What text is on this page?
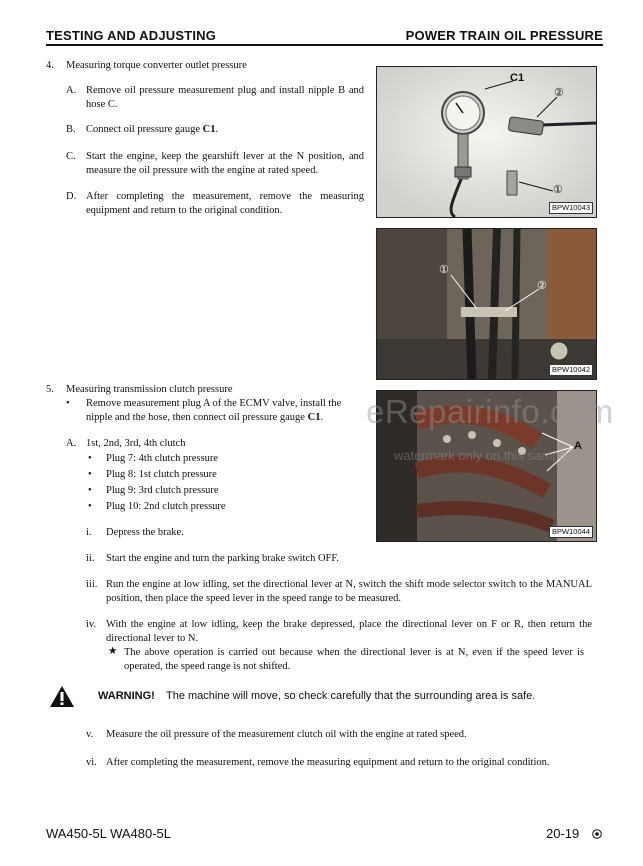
TESTING AND ADJUSTING	POWER TRAIN OIL PRESSURE
4. Measuring torque converter outlet pressure
A. Remove oil pressure measurement plug and install nipple B and hose C.
B. Connect oil pressure gauge C1.
C. Start the engine, keep the gearshift lever at the N position, and measure the oil pressure with the engine at rated speed.
D. After completing the measurement, remove the measuring equipment and return to the original condition.
C1
②
①
BPW10043
①
②
BPW10042
5. Measuring transmission clutch pressure
• Remove measurement plug A of the ECMV valve, install the nipple and the hose, then connect oil pressure gauge C1.
A. 1st, 2nd, 3rd, 4th clutch
• Plug 7: 4th clutch pressure
• Plug 8: 1st clutch pressure
• Plug 9: 3rd clutch pressure
• Plug 10: 2nd clutch pressure
A
BPW10044
eRepairinfo.com
watermark only on this sample
i. Depress the brake.
ii. Start the engine and turn the parking brake switch OFF.
iii. Run the engine at low idling, set the directional lever at N, switch the shift mode selector switch to the MANUAL position, then place the speed lever in the speed range to be measured.
iv. With the engine at low idling, keep the brake depressed, place the directional lever on F or R, then return the directional lever to N.
★ The above operation is carried out because when the directional lever is at N, even if the speed lever is operated, the speed range is not shifted.
WARNING! The machine will move, so check carefully that the surrounding area is safe.
v. Measure the oil pressure of the measurement clutch oil with the engine at rated speed.
vi. After completing the measurement, remove the measuring equipment and return to the original condition.
WA450-5L WA480-5L	20-19
